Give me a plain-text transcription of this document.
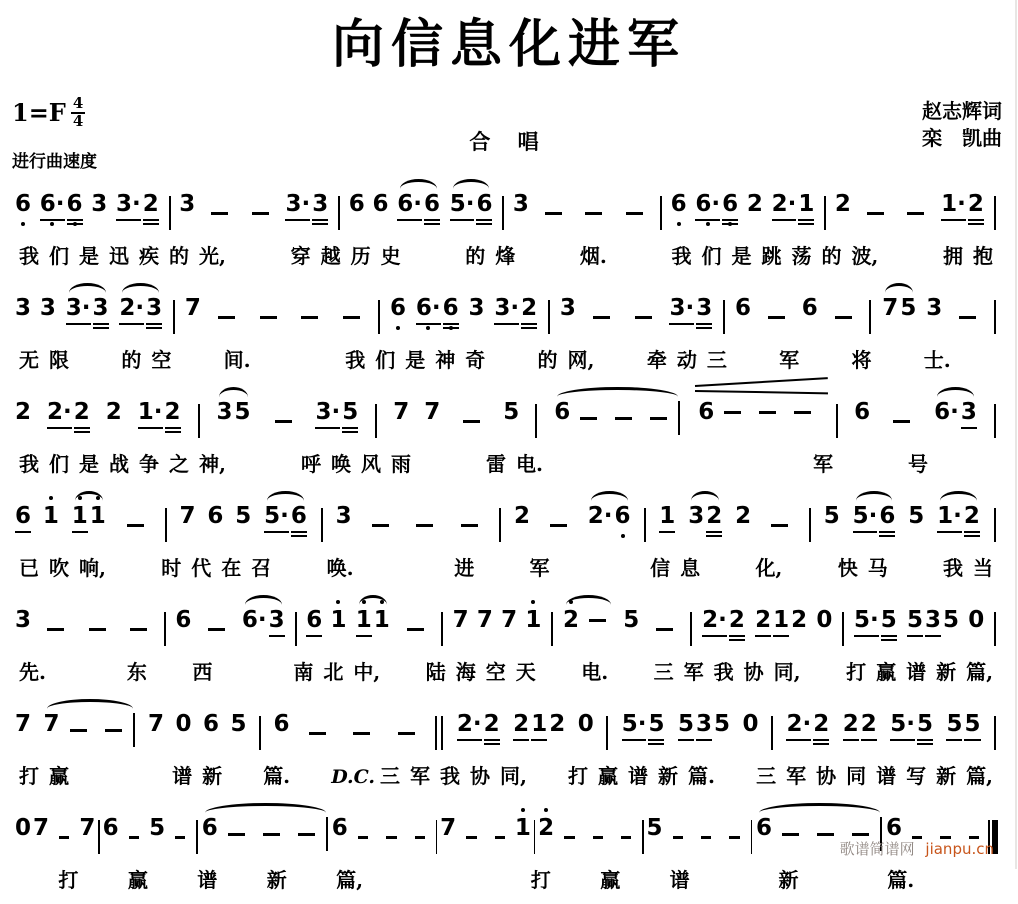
向信息化进军
$1=F \frac{4}{4}$
合 唱
赵志辉词
栾　凯曲
进行曲速度
6 6· 6 3 3· 2 3	3· 3 6 6 6· 6 5· 6 3	6 6· 6 2 2· 1 2	1· 2
我 们 是 迅 疾 的 光,	穿 越 历 史	的 烽	烟.	我 们 是 跳 荡 的 波,	拥 抱
3 3 3· 3 2· 3 7	6 6· 6 3 3· 2 3	3· 3 6 6	7 5 3
无 限	的 空	间.	我 们 是 神 奇	的 网,	牵 动 三	军	将	士.
2 2· 2 2 1· 2 3 5	3· 5 7 7	5 6	6	6	6· 3
我 们 是 战 争 之 神,	呼 唤 风 雨	雷 电.	军	号
6 1 1 1	7 6 5 5· 6 3	2	2· 6 1 3 2 2	5 5· 6 5 1· 2
已 吹 响,	时 代 在 召	唤.	进	军	信 息	化,	快 马	我 当
3	6 6· 3 6 1 1 1	7 7 7 1 2 5	2· 2 2 1 2 0 5· 5 5 3 5 0
先.	东 西	南 北 中, 陆 海 空 天 电. 三 军 我 协 同, 打 赢 谱 新 篇,
7 7	7 0 6 5 6	2· 2 2 1 2 0 5· 5 5 3 5 0 2· 2 2 2 5· 5 5 5
打 赢	谱 新 篇. D.C. 三 军 我 协 同, 打 赢 谱 新 篇. 三 军 协 同 谱 写 新 篇,
0 7 7 6 5 6	6	7	1 2	5	6	6
打 赢 谱 新 篇,	打 赢 谱	新	篇.
歌谱简谱网 jianpu.cn
